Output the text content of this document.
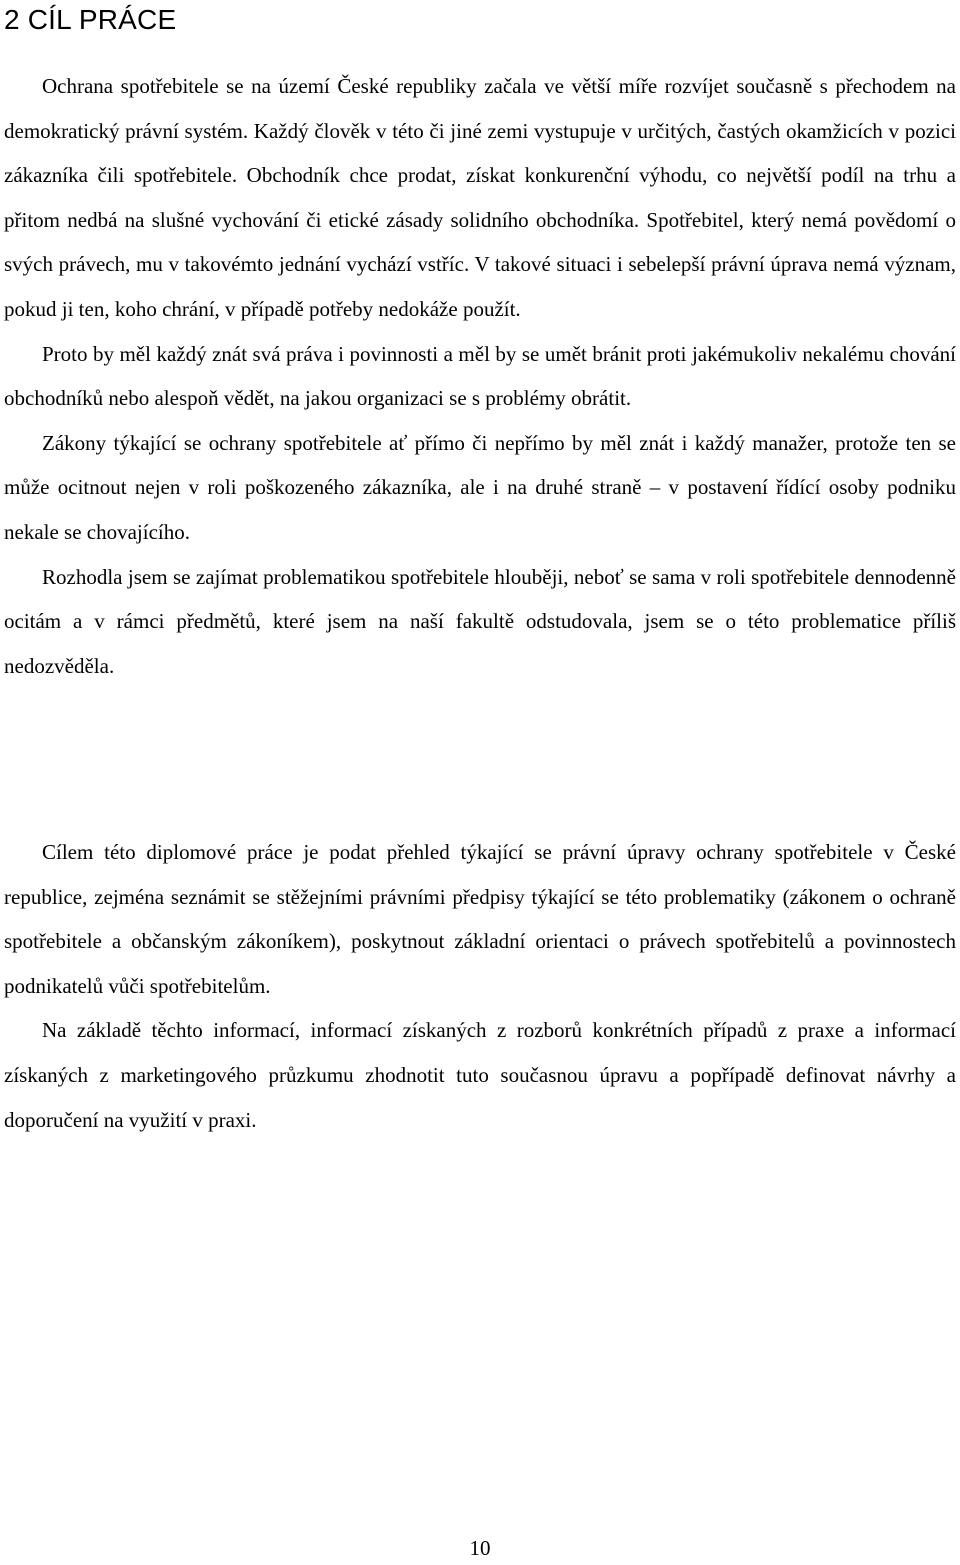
2 CÍL PRÁCE

Ochrana spotřebitele se na území České republiky začala ve větší míře rozvíjet současně s přechodem na demokratický právní systém. Každý člověk v této či jiné zemi vystupuje v určitých, častých okamžicích v pozici zákazníka čili spotřebitele. Obchodník chce prodat, získat konkurenční výhodu, co největší podíl na trhu a přitom nedbá na slušné vychování či etické zásady solidního obchodníka. Spotřebitel, který nemá povědomí o svých právech, mu v takovémto jednání vychází vstříc. V takové situaci i sebelepší právní úprava nemá význam, pokud ji ten, koho chrání, v případě potřeby nedokáže použít.

Proto by měl každý znát svá práva i povinnosti a měl by se umět bránit proti jakémukoliv nekalému chování obchodníků nebo alespoň vědět, na jakou organizaci se s problémy obrátit.

Zákony týkající se ochrany spotřebitele ať přímo či nepřímo by měl znát i každý manažer, protože ten se může ocitnout nejen v roli poškozeného zákazníka, ale i na druhé straně – v postavení řídící osoby podniku nekale se chovajícího.

Rozhodla jsem se zajímat problematikou spotřebitele hlouběji, neboť se sama v roli spotřebitele dennodenně ocitám a v rámci předmětů, které jsem na naší fakultě odstudovala, jsem se o této problematice příliš nedozvěděla.

Cílem této diplomové práce je podat přehled týkající se právní úpravy ochrany spotřebitele v České republice, zejména seznámit se stěžejními právními předpisy týkající se této problematiky (zákonem o ochraně spotřebitele a občanským zákoníkem), poskytnout základní orientaci o právech spotřebitelů a povinnostech podnikatelů vůči spotřebitelům.

Na základě těchto informací, informací získaných z rozborů konkrétních případů z praxe a informací získaných z marketingového průzkumu zhodnotit tuto současnou úpravu a popřípadě definovat návrhy a doporučení na využití v praxi.

10
